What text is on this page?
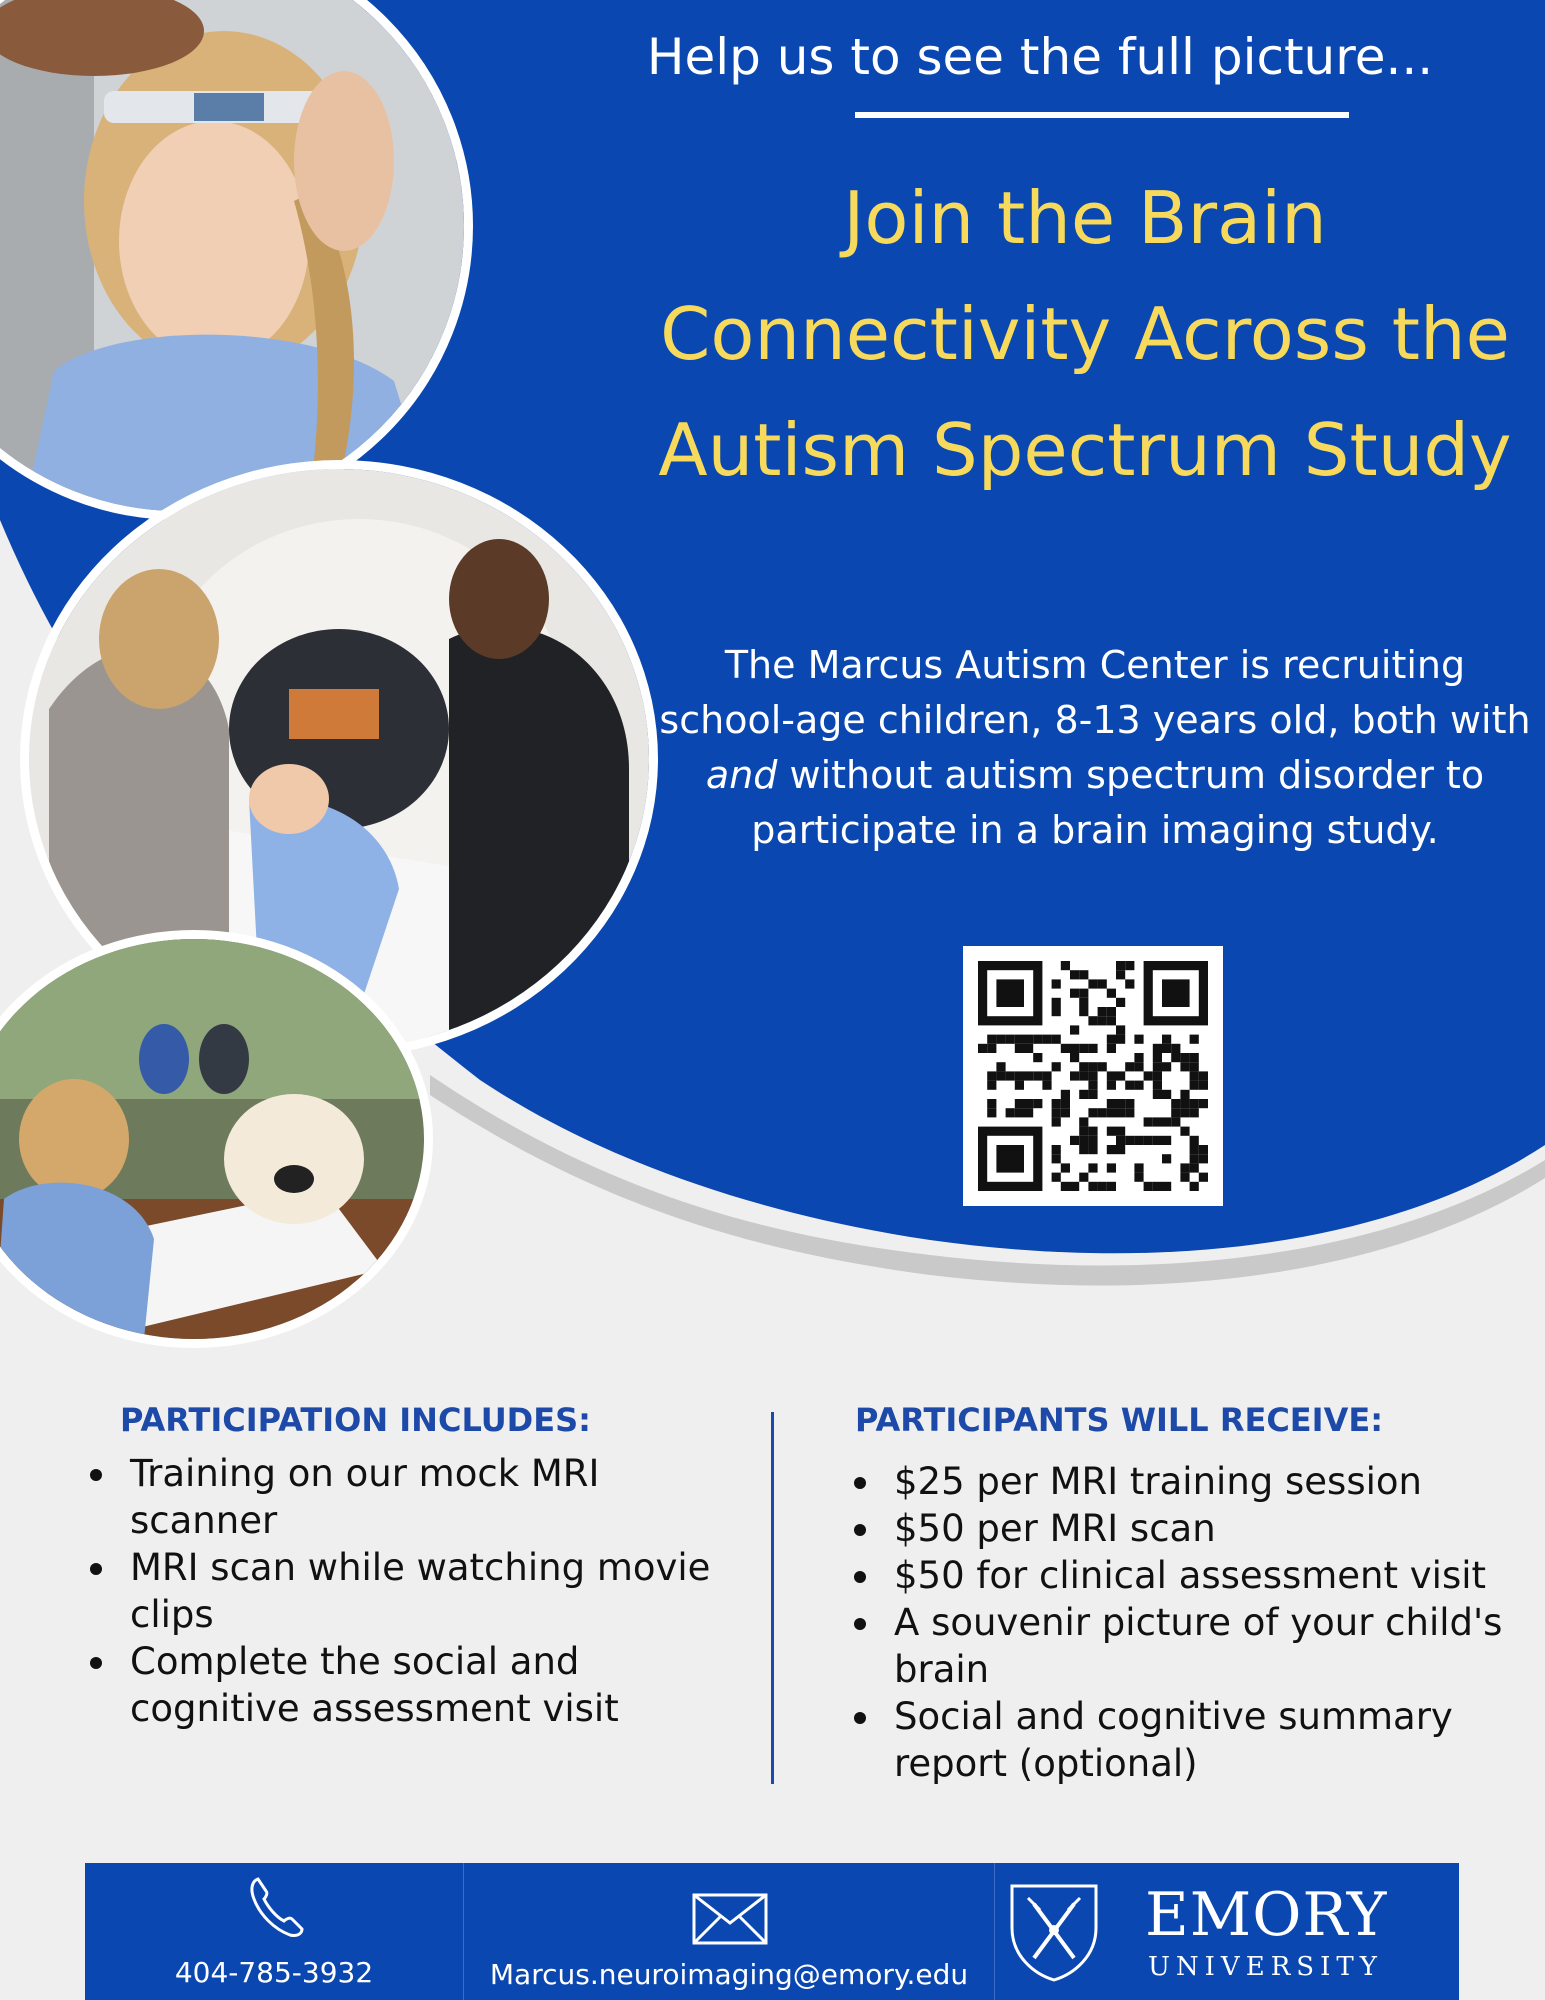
Help us to see the full picture...
Join the Brain Connectivity Across the Autism Spectrum Study
The Marcus Autism Center is recruiting school-age children, 8-13 years old, both with and without autism spectrum disorder to participate in a brain imaging study.
PARTICIPATION INCLUDES:
Training on our mock MRI scanner
MRI scan while watching movie clips
Complete the social and cognitive assessment visit
PARTICIPANTS WILL RECEIVE:
$25 per MRI training session
$50 per MRI scan
$50 for clinical assessment visit
A souvenir picture of your child's brain
Social and cognitive summary report (optional)
404-785-3932	Marcus.neuroimaging@emory.edu
EMORY
UNIVERSITY
